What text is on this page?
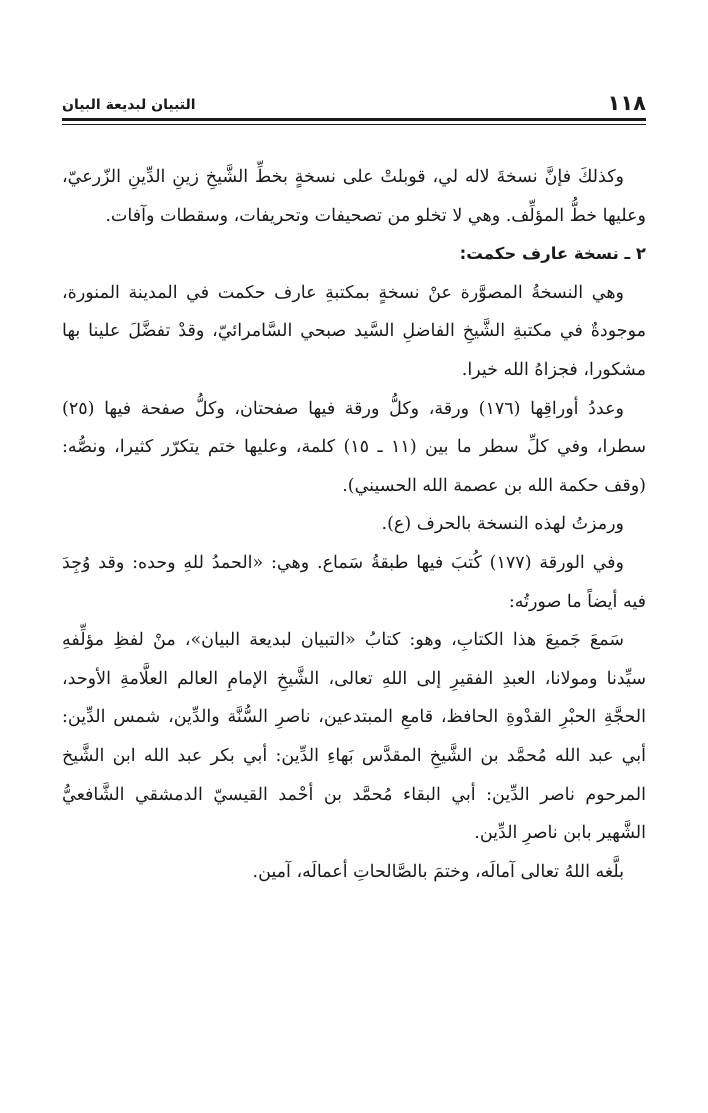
١١٨
التبيان لبديعة البيان

وكذلكَ فإنَّ نسخةَ لاله لي، قوبلتْ على نسخةٍ بخطِّ الشَّيخِ زينِ الدِّينِ الزّرعيّ، وعليها خطُّ المؤلِّف. وهي لا تخلو من تصحيفات وتحريفات، وسقطات وآفات.

٢ ـ نسخة عارف حكمت:

وهي النسخةُ المصوَّرة عنْ نسخةٍ بمكتبةِ عارف حكمت في المدينة المنورة، موجودةٌ في مكتبةِ الشَّيخِ الفاضلِ السَّيد صبحي السَّامرائيّ، وقدْ تفضَّلَ علينا بها مشكورا، فجزاهُ الله خيرا.

وعددُ أوراقِها (١٧٦) ورقة، وكلُّ ورقة فيها صفحتان، وكلُّ صفحة فيها (٢٥) سطرا، وفي كلِّ سطر ما بين (١١ ـ ١٥) كلمة، وعليها ختم يتكرّر كثيرا، ونصُّه: (وقف حكمة الله بن عصمة الله الحسيني).

ورمزتُ لهذه النسخة بالحرف (ع).

وفي الورقة (١٧٧) كُتبَ فيها طبقةُ سَماع. وهي: «الحمدُ للهِ وحده: وقد وُجِدَ فيه أيضاً ما صورتُه:

سَمعَ جَميعَ هذا الكتابِ، وهو: كتابُ «التبيان لبديعة البيان»، منْ لفظِ مؤلِّفهِ سيِّدنا ومولانا، العبدِ الفقيرِ إلى اللهِ تعالى، الشَّيخِ الإمامِ العالم العلَّامةِ الأوحد، الحجَّةِ الحبْرِ القدْوةِ الحافظ، قامعِ المبتدعين، ناصرِ السُّنَّة والدِّين، شمس الدِّين: أبي عبد الله مُحمَّد بن الشَّيخِ المقدَّس بَهاءِ الدِّين: أبي بكر عبد الله ابن الشَّيخ المرحوم ناصر الدِّين: أبي البقاء مُحمَّد بن أحْمد القيسيّ الدمشقي الشَّافعيُّ الشَّهير بابن ناصرِ الدِّين.

بلَّغه اللهُ تعالى آمالَه، وختمَ بالصَّالحاتِ أعمالَه، آمين.
